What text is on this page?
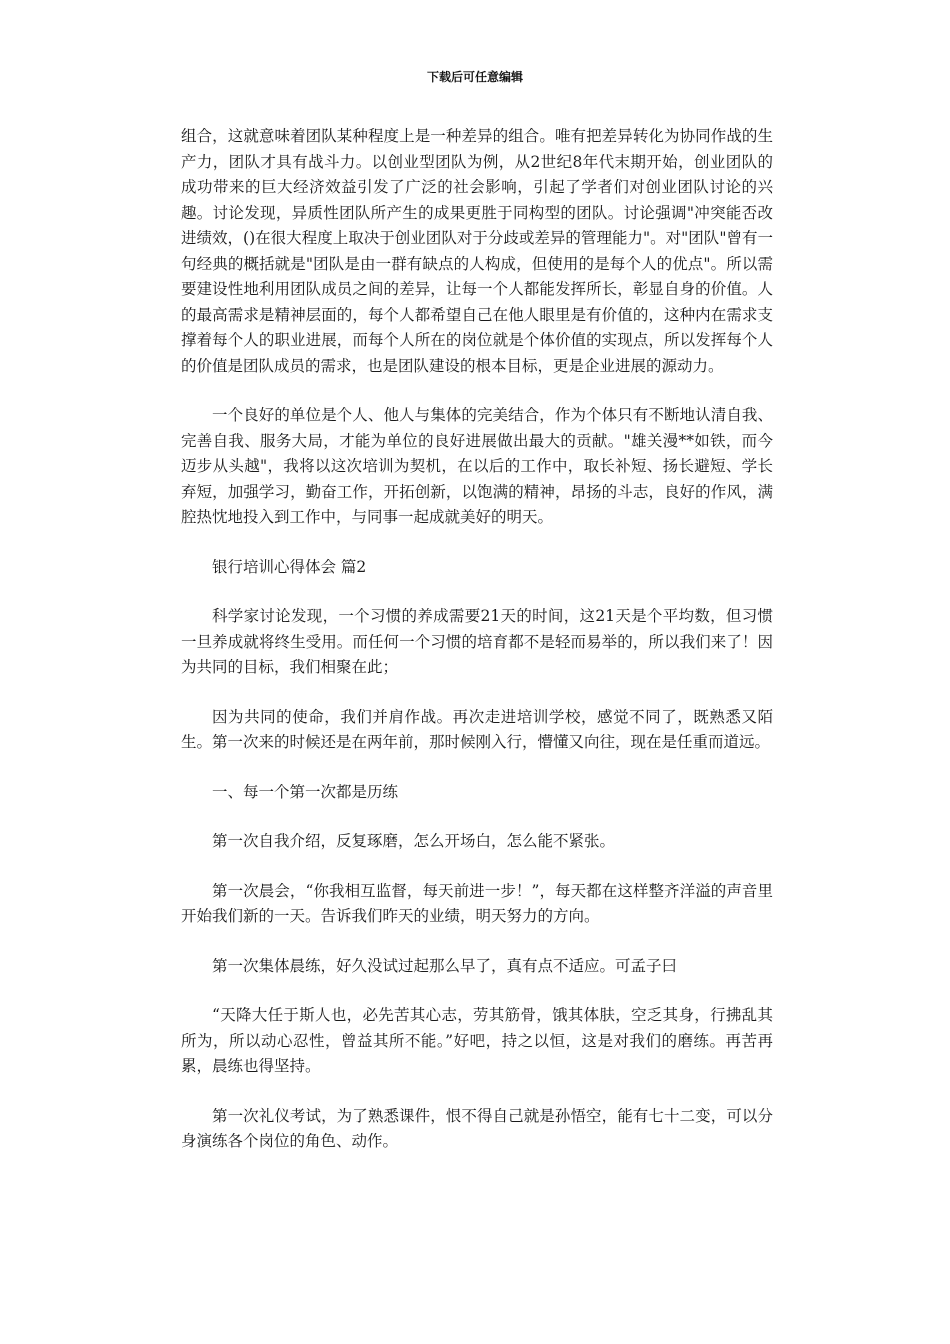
下载后可任意编辑

组合，这就意味着团队某种程度上是一种差异的组合。唯有把差异转化为协同作战的生产力，团队才具有战斗力。以创业型团队为例，从2世纪8年代末期开始，创业团队的成功带来的巨大经济效益引发了广泛的社会影响，引起了学者们对创业团队讨论的兴趣。讨论发现，异质性团队所产生的成果更胜于同构型的团队。讨论强调"冲突能否改进绩效，()在很大程度上取决于创业团队对于分歧或差异的管理能力"。对"团队"曾有一句经典的概括就是"团队是由一群有缺点的人构成，但使用的是每个人的优点"。所以需要建设性地利用团队成员之间的差异，让每一个人都能发挥所长，彰显自身的价值。人的最高需求是精神层面的，每个人都希望自己在他人眼里是有价值的，这种内在需求支撑着每个人的职业进展，而每个人所在的岗位就是个体价值的实现点，所以发挥每个人的价值是团队成员的需求，也是团队建设的根本目标，更是企业进展的源动力。

一个良好的单位是个人、他人与集体的完美结合，作为个体只有不断地认清自我、完善自我、服务大局，才能为单位的良好进展做出最大的贡献。"雄关漫**如铁，而今迈步从头越"，我将以这次培训为契机，在以后的工作中，取长补短、扬长避短、学长弃短，加强学习，勤奋工作，开拓创新，以饱满的精神，昂扬的斗志，良好的作风，满腔热忱地投入到工作中，与同事一起成就美好的明天。

银行培训心得体会 篇2

科学家讨论发现，一个习惯的养成需要21天的时间，这21天是个平均数，但习惯一旦养成就将终生受用。而任何一个习惯的培育都不是轻而易举的，所以我们来了！因为共同的目标，我们相聚在此；

因为共同的使命，我们并肩作战。再次走进培训学校，感觉不同了，既熟悉又陌生。第一次来的时候还是在两年前，那时候刚入行，懵懂又向往，现在是任重而道远。

一、每一个第一次都是历练

第一次自我介绍，反复琢磨，怎么开场白，怎么能不紧张。

第一次晨会，“你我相互监督，每天前进一步！”，每天都在这样整齐洋溢的声音里开始我们新的一天。告诉我们昨天的业绩，明天努力的方向。

第一次集体晨练，好久没试过起那么早了，真有点不适应。可孟子曰

“天降大任于斯人也，必先苦其心志，劳其筋骨，饿其体肤，空乏其身，行拂乱其所为，所以动心忍性，曾益其所不能。”好吧，持之以恒，这是对我们的磨练。再苦再累，晨练也得坚持。

第一次礼仪考试，为了熟悉课件，恨不得自己就是孙悟空，能有七十二变，可以分身演练各个岗位的角色、动作。
